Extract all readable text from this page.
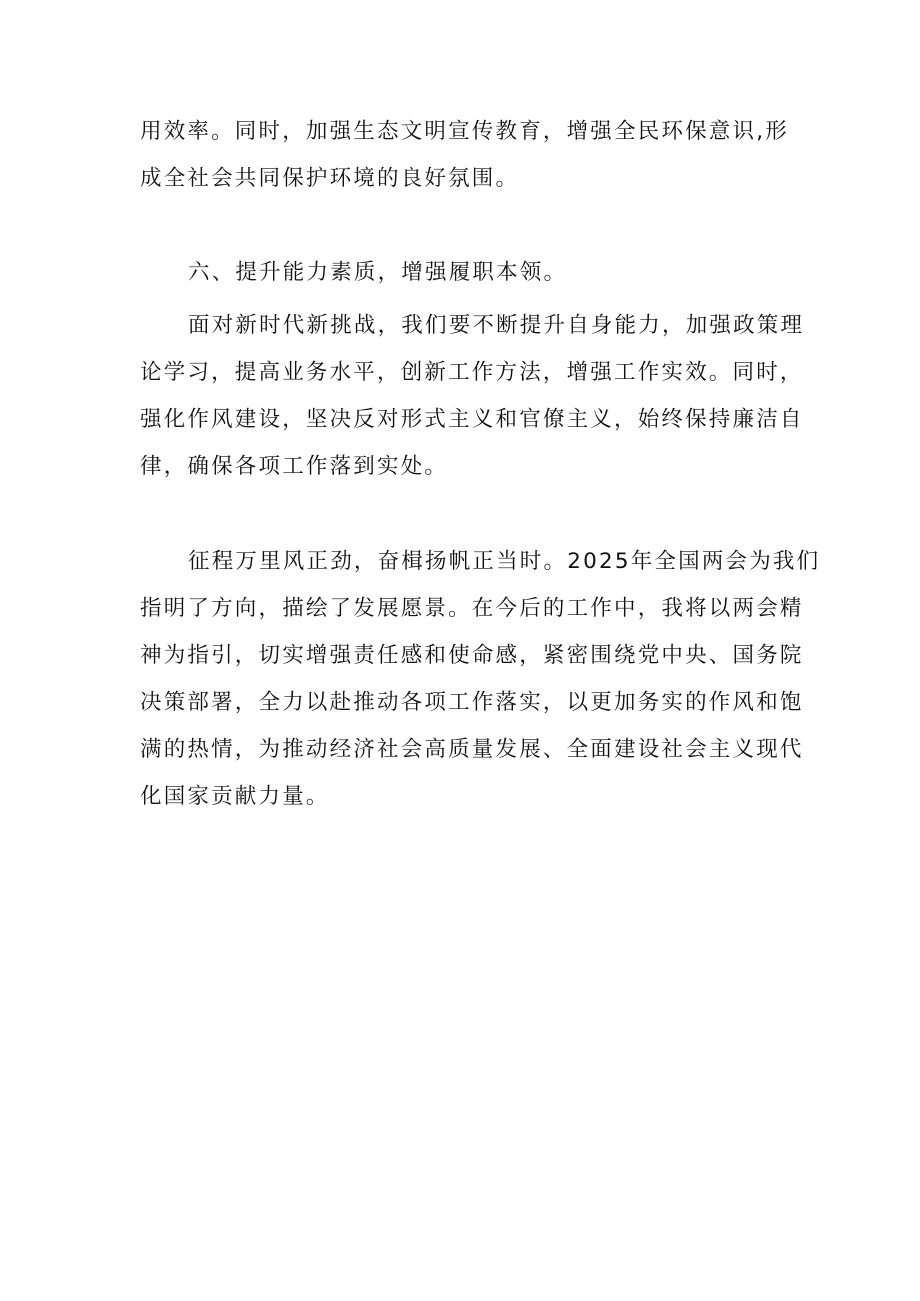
用效率。同时，加强生态文明宣传教育，增强全民环保意识,形
成全社会共同保护环境的良好氛围。
六、提升能力素质，增强履职本领。
面对新时代新挑战，我们要不断提升自身能力，加强政策理
论学习，提高业务水平，创新工作方法，增强工作实效。同时，
强化作风建设，坚决反对形式主义和官僚主义，始终保持廉洁自
律，确保各项工作落到实处。
征程万里风正劲，奋楫扬帆正当时。2025年全国两会为我们
指明了方向，描绘了发展愿景。在今后的工作中，我将以两会精
神为指引，切实增强责任感和使命感，紧密围绕党中央、国务院
决策部署，全力以赴推动各项工作落实，以更加务实的作风和饱
满的热情，为推动经济社会高质量发展、全面建设社会主义现代
化国家贡献力量。
